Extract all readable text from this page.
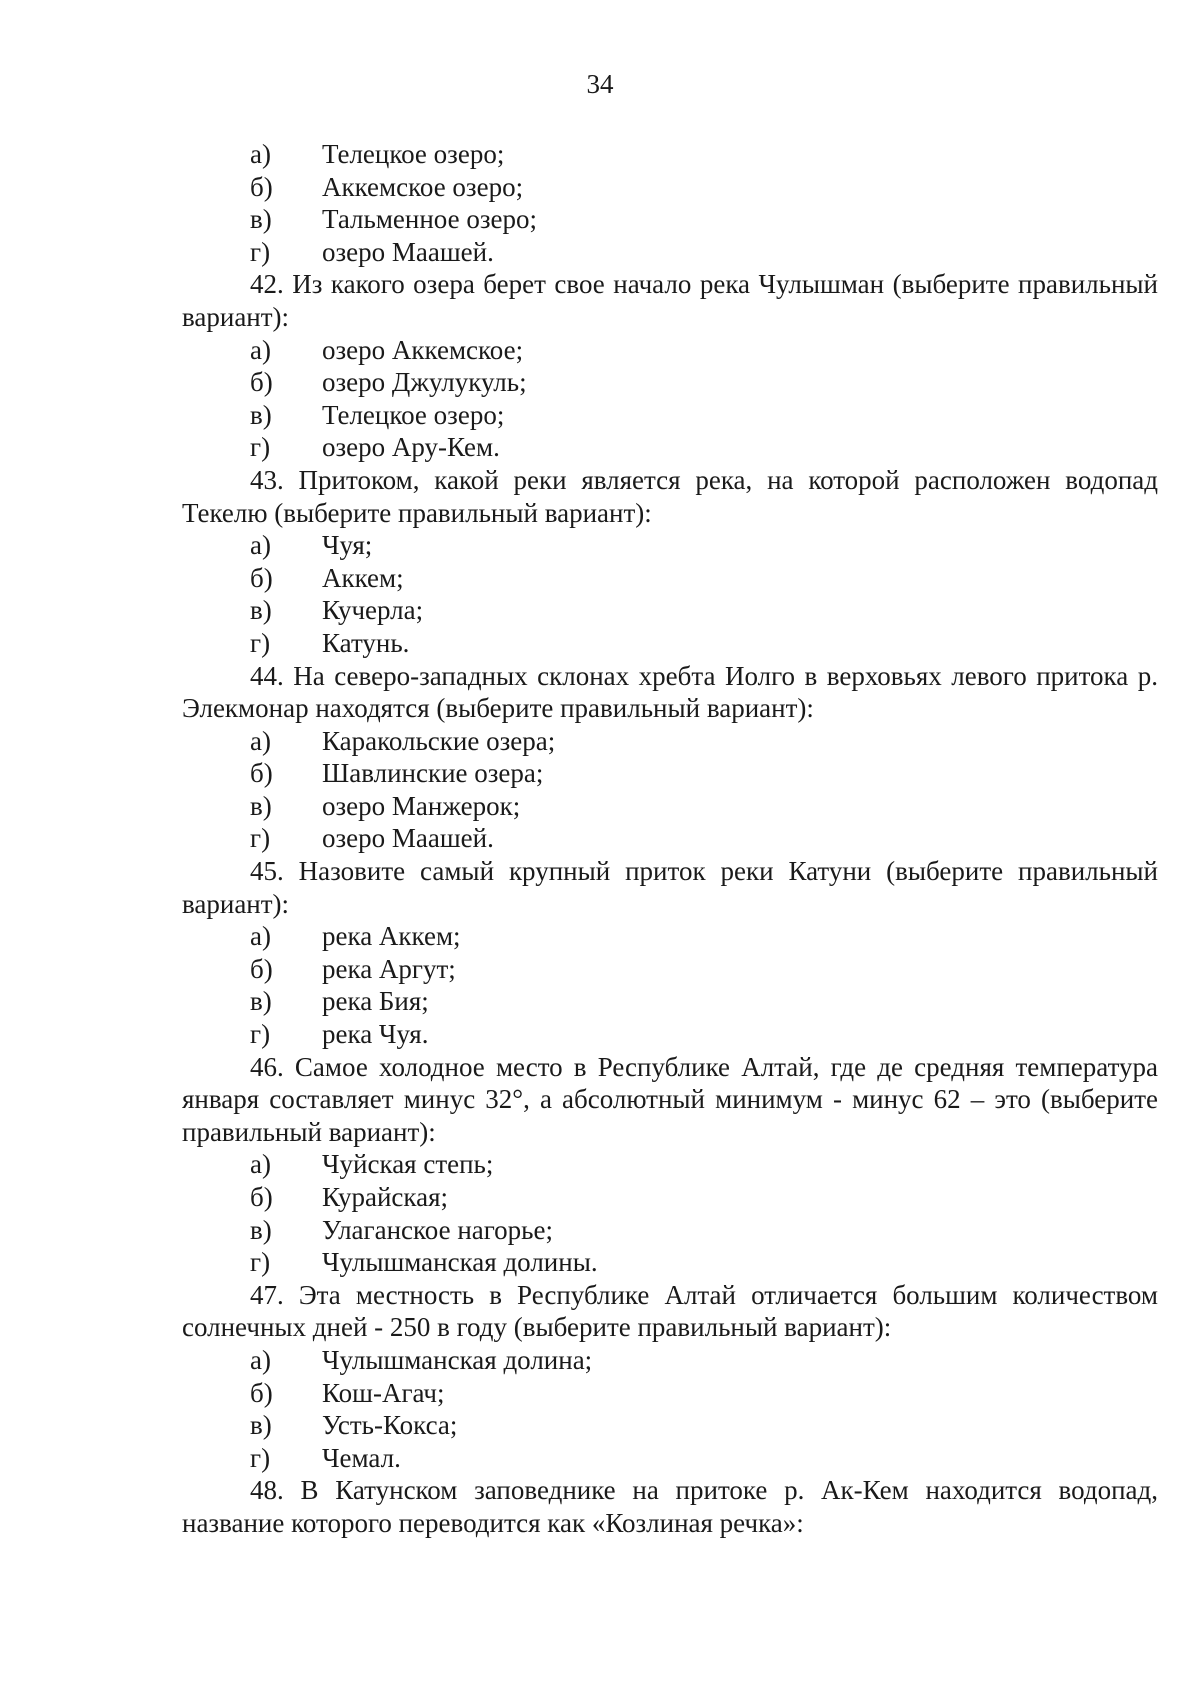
34
а) Телецкое озеро;
б) Аккемское озеро;
в) Тальменное озеро;
г) озеро Маашей.

42. Из какого озера берет свое начало река Чулышман (выберите правильный вариант):

а) озеро Аккемское;
б) озеро Джулукуль;
в) Телецкое озеро;
г) озеро Ару-Кем.

43. Притоком, какой реки является река, на которой расположен водопад Текелю (выберите правильный вариант):

а) Чуя;
б) Аккем;
в) Кучерла;
г) Катунь.

44. На северо-западных склонах хребта Иолго в верховьях левого притока р. Элекмонар находятся (выберите правильный вариант):

а) Каракольские озера;
б) Шавлинские озера;
в) озеро Манжерок;
г) озеро Маашей.

45. Назовите самый крупный приток реки Катуни (выберите правильный вариант):

а) река Аккем;
б) река Аргут;
в) река Бия;
г) река Чуя.

46. Самое холодное место в Республике Алтай, где де средняя температура января составляет минус 32°, а абсолютный минимум - минус 62 – это (выберите правильный вариант):

а) Чуйская степь;
б) Курайская;
в) Улаганское нагорье;
г) Чулышманская долины.

47. Эта местность в Республике Алтай отличается большим количеством солнечных дней - 250 в году (выберите правильный вариант):

а) Чулышманская долина;
б) Кош-Агач;
в) Усть-Кокса;
г) Чемал.

48. В Катунском заповеднике на притоке р. Ак-Кем находится водопад, название которого переводится как «Козлиная речка»:
